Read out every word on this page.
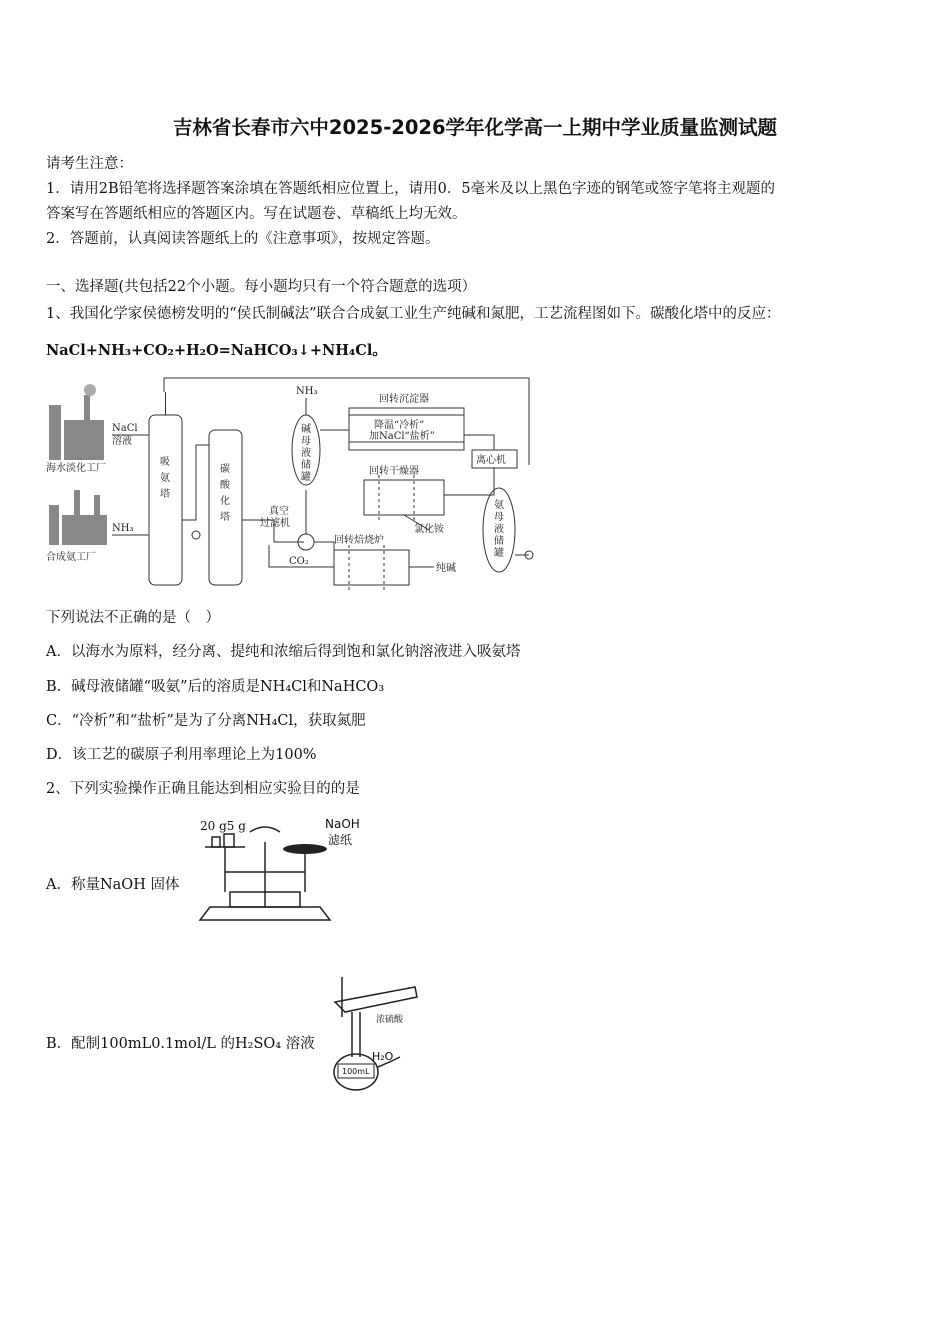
吉林省长春市六中2025-2026学年化学高一上期中学业质量监测试题
请考生注意：
1．请用2B铅笔将选择题答案涂填在答题纸相应位置上，请用0．5毫米及以上黑色字迹的钢笔或签字笔将主观题的
答案写在答题纸相应的答题区内。写在试题卷、草稿纸上均无效。
2．答题前，认真阅读答题纸上的《注意事项》，按规定答题。
一、选择题(共包括22个小题。每小题均只有一个符合题意的选项）
1、我国化学家侯德榜发明的“侯氏制碱法”联合合成氨工业生产纯碱和氮肥，工艺流程图如下。碳酸化塔中的反应：
NaCl+NH₃+CO₂+H₂O=NaHCO₃↓+NH₄Cl。
海水淡化工厂
合成氨工厂
NaCl
溶液
NH₃
NH₃
吸
氨
塔
碳
酸
化
塔
碱
母
液
储
罐
氨
母
液
储
罐
真空
过滤机
回转沉淀器
降温“冷析”
加NaCl“盐析”
离心机
回转干燥器
氯化铵
回转焙烧炉
纯碱
CO₂
下列说法不正确的是（　）
A．以海水为原料，经分离、提纯和浓缩后得到饱和氯化钠溶液进入吸氨塔
B．碱母液储罐“吸氨”后的溶质是NH₄Cl和NaHCO₃
C．“冷析”和“盐析”是为了分离NH₄Cl，获取氮肥
D．该工艺的碳原子利用率理论上为100%
2、下列实验操作正确且能达到相应实验目的的是
A．称量NaOH 固体
20 g5 g	NaOH
滤纸
B．配制100mL0.1mol/L 的H₂SO₄ 溶液
100mL
浓硫酸
H₂O
